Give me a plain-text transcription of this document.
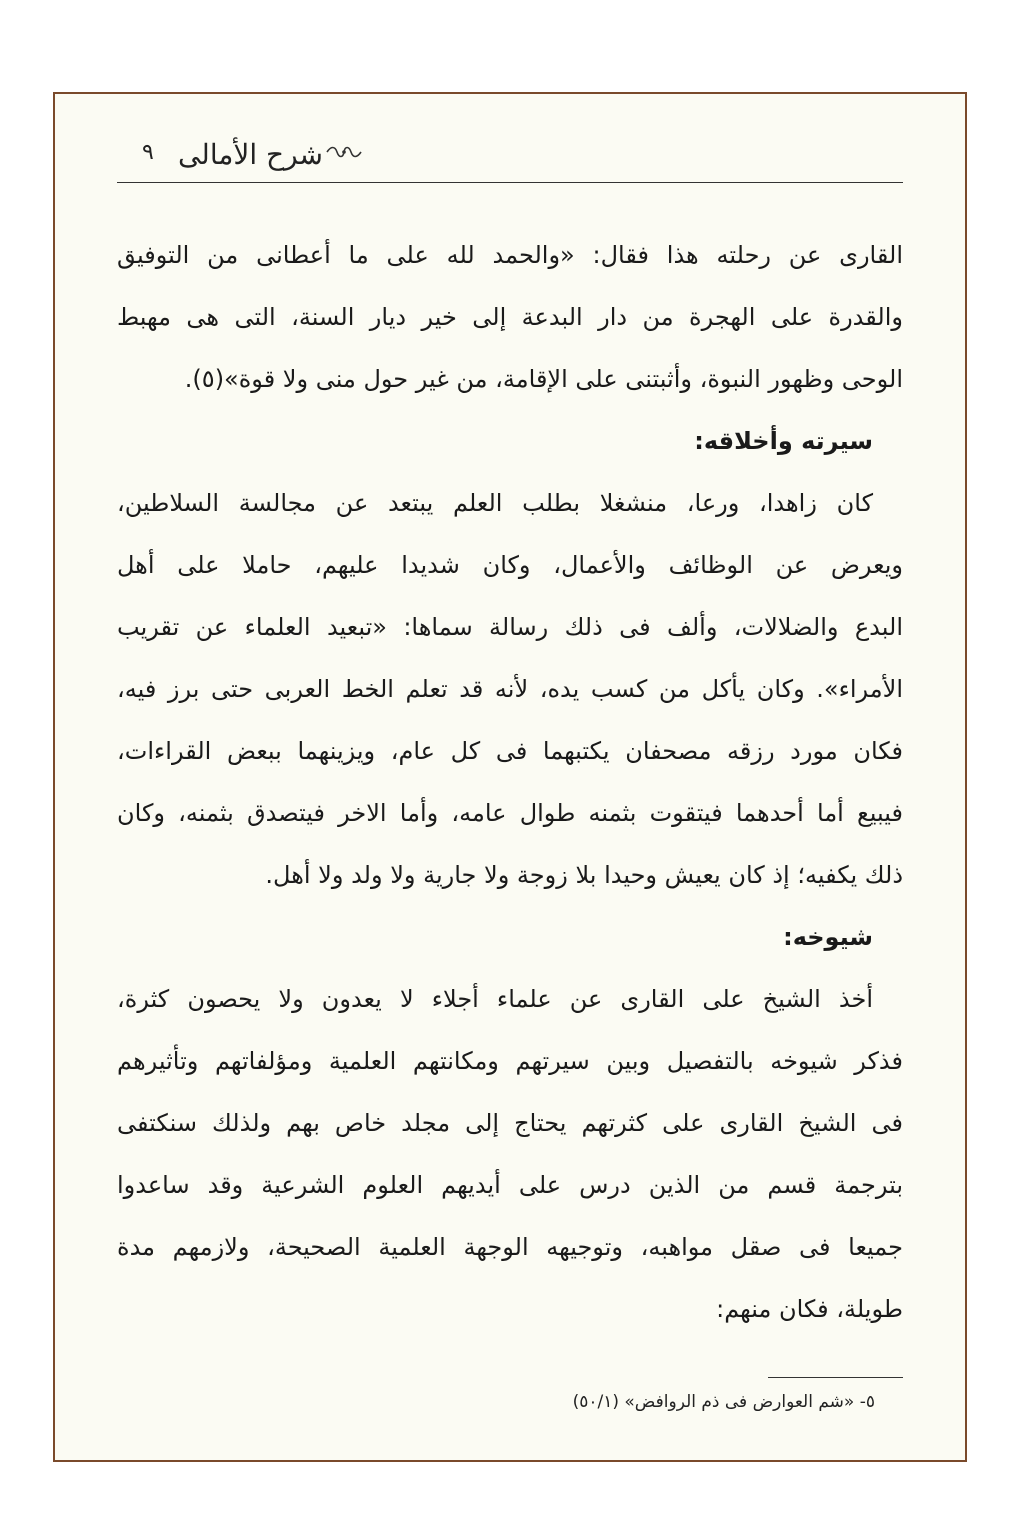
شرح الأمالى
٩
القارى عن رحلته هذا فقال: «والحمد لله على ما أعطانى من التوفيق
والقدرة على الهجرة من دار البدعة إلى خير ديار السنة، التى هى مهبط
الوحى وظهور النبوة، وأثبتنى على الإقامة، من غير حول منى ولا قوة»(٥).
سيرته وأخلاقه:
كان زاهدا، ورعا، منشغلا بطلب العلم يبتعد عن مجالسة السلاطين،
ويعرض عن الوظائف والأعمال، وكان شديدا عليهم، حاملا على أهل
البدع والضلالات، وألف فى ذلك رسالة سماها: «تبعيد العلماء عن تقريب
الأمراء». وكان يأكل من كسب يده، لأنه قد تعلم الخط العربى حتى برز فيه،
فكان مورد رزقه مصحفان يكتبهما فى كل عام، ويزينهما ببعض القراءات،
فيبيع أما أحدهما فيتقوت بثمنه طوال عامه، وأما الاخر فيتصدق بثمنه، وكان
ذلك يكفيه؛ إذ كان يعيش وحيدا بلا زوجة ولا جارية ولا ولد ولا أهل.
شيوخه:
أخذ الشيخ على القارى عن علماء أجلاء لا يعدون ولا يحصون كثرة،
فذكر شيوخه بالتفصيل وبين سيرتهم ومكانتهم العلمية ومؤلفاتهم وتأثيرهم
فى الشيخ القارى على كثرتهم يحتاج إلى مجلد خاص بهم ولذلك سنكتفى
بترجمة قسم من الذين درس على أيديهم العلوم الشرعية وقد ساعدوا
جميعا فى صقل مواهبه، وتوجيهه الوجهة العلمية الصحيحة، ولازمهم مدة
طويلة، فكان منهم:
٥- «شم العوارض فى ذم الروافض» (٥٠/١)
